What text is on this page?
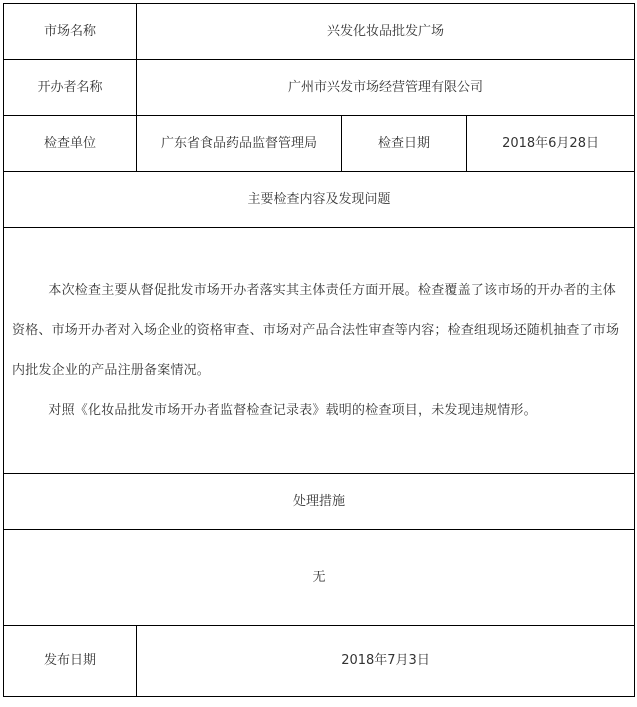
市场名称	兴发化妆品批发广场		
开办者名称	广州市兴发市场经营管理有限公司		
检查单位	广东省食品药品监督管理局	检查日期	2018年6月28日
主要检查内容及发现问题			

本次检查主要从督促批发市场开办者落实其主体责任方面开展。检查覆盖了该市场的开办者的主体资格、市场开办者对入场企业的资格审查、市场对产品合法性审查等内容；检查组现场还随机抽查了市场内批发企业的产品注册备案情况。

对照《化妆品批发市场开办者监督检查记录表》载明的检查项目，未发现违规情形。			

处理措施			
无			
发布日期	2018年7月3日		
